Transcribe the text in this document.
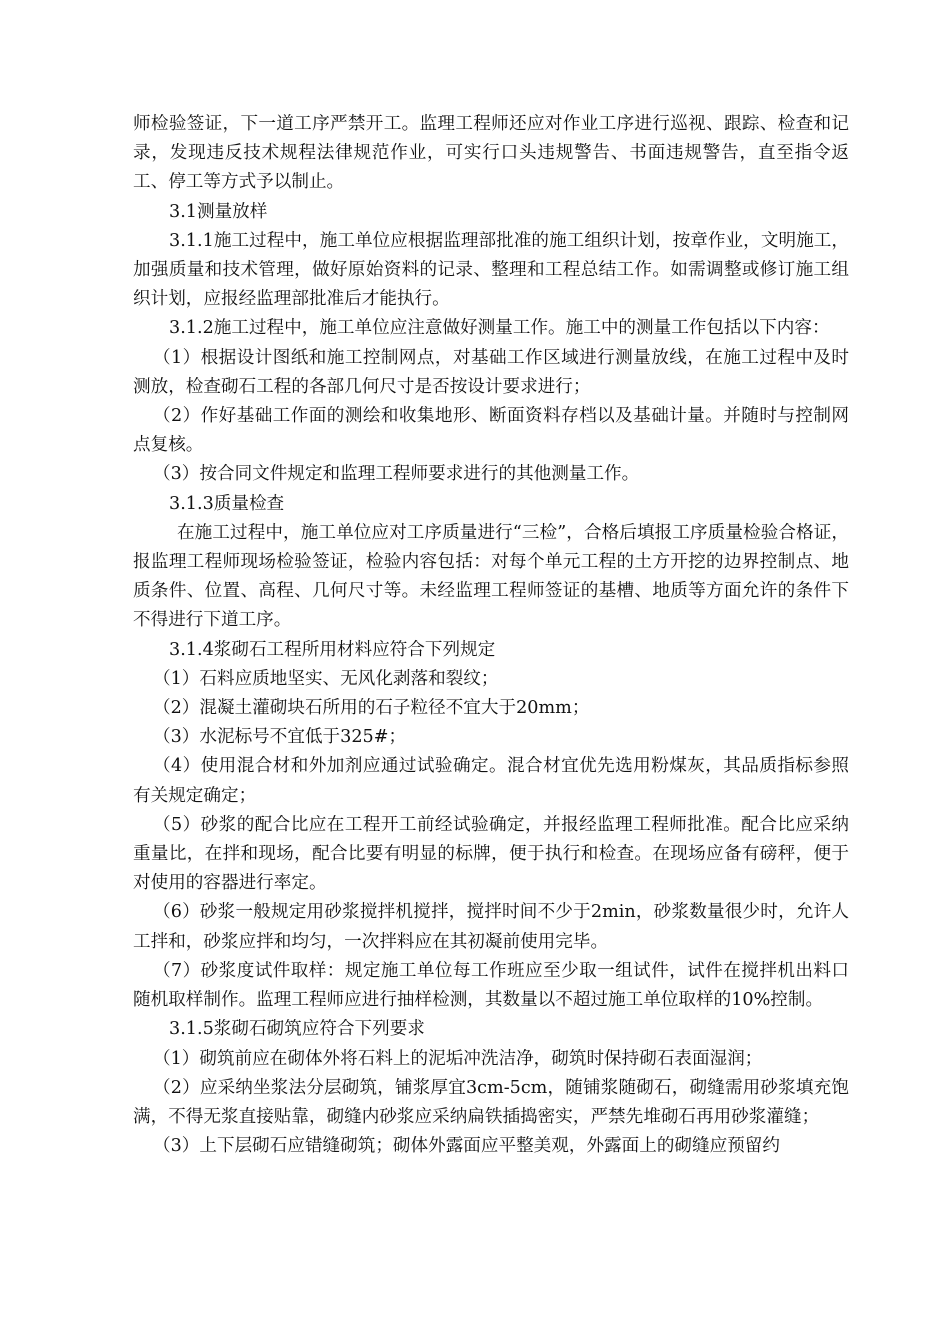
师检验签证，下一道工序严禁开工。监理工程师还应对作业工序进行巡视、跟踪、检查和记录，发现违反技术规程法律规范作业，可实行口头违规警告、书面违规警告，直至指令返工、停工等方式予以制止。

3.1测量放样

3.1.1施工过程中，施工单位应根据监理部批准的施工组织计划，按章作业，文明施工，加强质量和技术管理，做好原始资料的记录、整理和工程总结工作。如需调整或修订施工组织计划，应报经监理部批准后才能执行。

3.1.2施工过程中，施工单位应注意做好测量工作。施工中的测量工作包括以下内容：

（1）根据设计图纸和施工控制网点，对基础工作区域进行测量放线，在施工过程中及时测放，检查砌石工程的各部几何尺寸是否按设计要求进行；

（2）作好基础工作面的测绘和收集地形、断面资料存档以及基础计量。并随时与控制网点复核。

（3）按合同文件规定和监理工程师要求进行的其他测量工作。

3.1.3质量检查

在施工过程中，施工单位应对工序质量进行“三检”，合格后填报工序质量检验合格证，报监理工程师现场检验签证，检验内容包括：对每个单元工程的土方开挖的边界控制点、地质条件、位置、高程、几何尺寸等。未经监理工程师签证的基槽、地质等方面允许的条件下不得进行下道工序。

3.1.4浆砌石工程所用材料应符合下列规定

（1）石料应质地坚实、无风化剥落和裂纹；

（2）混凝土灌砌块石所用的石子粒径不宜大于20mm；

（3）水泥标号不宜低于325#；

（4）使用混合材和外加剂应通过试验确定。混合材宜优先选用粉煤灰，其品质指标参照有关规定确定；

（5）砂浆的配合比应在工程开工前经试验确定，并报经监理工程师批准。配合比应采纳重量比，在拌和现场，配合比要有明显的标牌，便于执行和检查。在现场应备有磅秤，便于对使用的容器进行率定。

（6）砂浆一般规定用砂浆搅拌机搅拌，搅拌时间不少于2min，砂浆数量很少时，允许人工拌和，砂浆应拌和均匀，一次拌料应在其初凝前使用完毕。

（7）砂浆度试件取样：规定施工单位每工作班应至少取一组试件，试件在搅拌机出料口随机取样制作。监理工程师应进行抽样检测，其数量以不超过施工单位取样的10%控制。

3.1.5浆砌石砌筑应符合下列要求

（1）砌筑前应在砌体外将石料上的泥垢冲洗洁净，砌筑时保持砌石表面湿润；

（2）应采纳坐浆法分层砌筑，铺浆厚宜3cm-5cm，随铺浆随砌石，砌缝需用砂浆填充饱满，不得无浆直接贴靠，砌缝内砂浆应采纳扁铁插捣密实，严禁先堆砌石再用砂浆灌缝；

（3）上下层砌石应错缝砌筑；砌体外露面应平整美观，外露面上的砌缝应预留约
